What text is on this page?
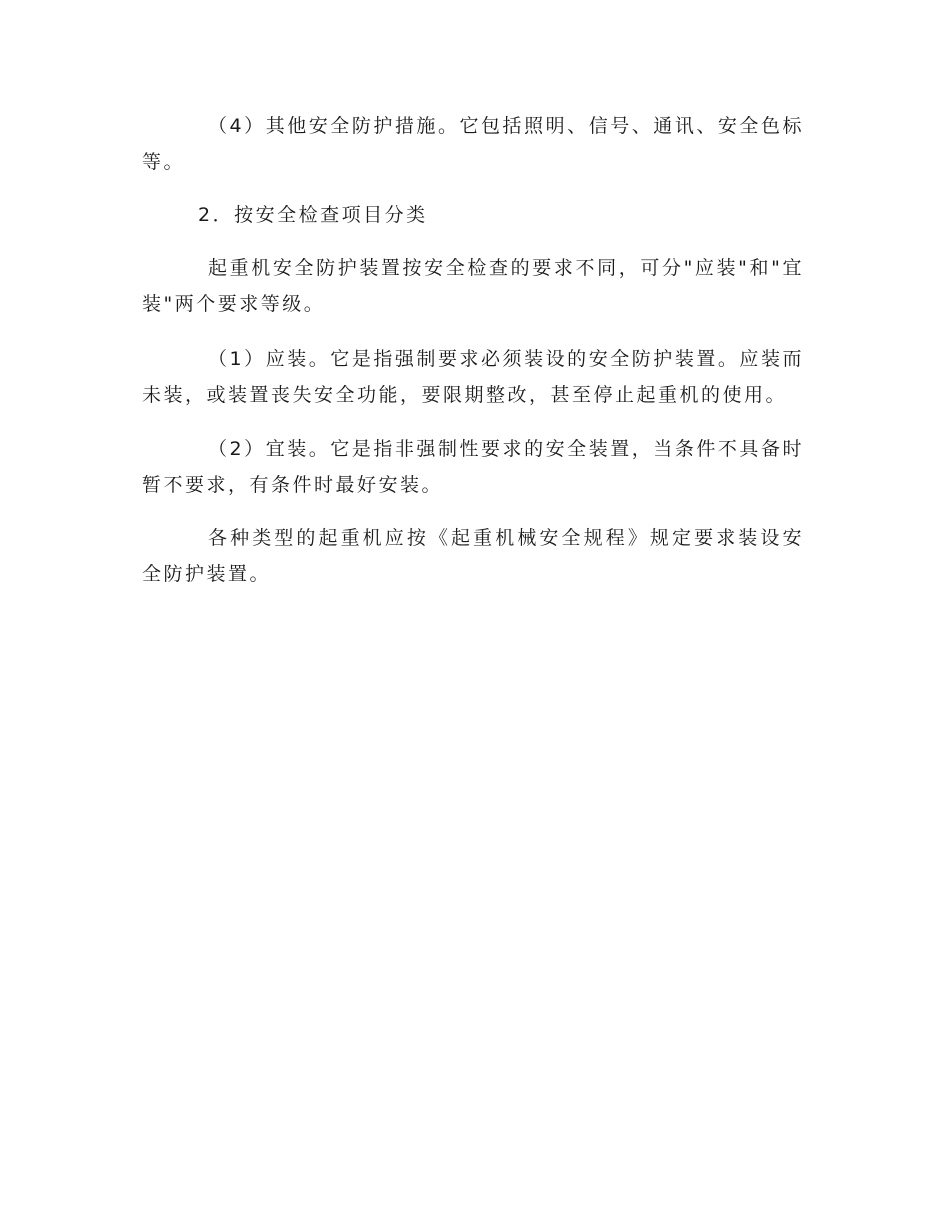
（4）其他安全防护措施。它包括照明、信号、通讯、安全色标等。

2．按安全检查项目分类

起重机安全防护装置按安全检查的要求不同，可分"应装"和"宜装"两个要求等级。

（1）应装。它是指强制要求必须装设的安全防护装置。应装而未装，或装置丧失安全功能，要限期整改，甚至停止起重机的使用。

（2）宜装。它是指非强制性要求的安全装置，当条件不具备时暂不要求，有条件时最好安装。

各种类型的起重机应按《起重机械安全规程》规定要求装设安全防护装置。
